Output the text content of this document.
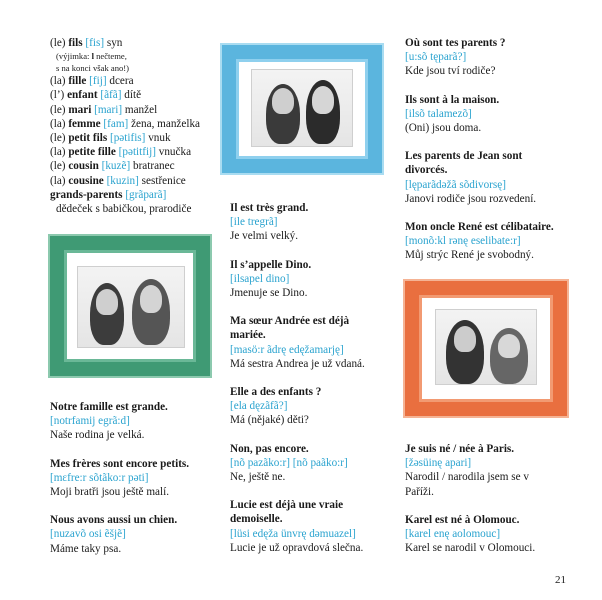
(le) fils [fis] syn
(výjimka: l nečteme,
s na konci však ano!)
(la) fille [fij] dcera
(l’) enfant [ãfã] dítě
(le) mari [mari] manžel
(la) femme [fam] žena, manželka
(le) petit fils [pətifis] vnuk
(la) petite fille [pətitfij] vnučka
(le) cousin [kuzẽ] bratranec
(la) cousine [kuzin] sestřenice
grands-parents [grãparã]
dědeček s babičkou, prarodiče
Notre famille est grande.
[notrfamij egrã:d]
Naše rodina je velká.
Mes frères sont encore petits.
[mɛfre:r sõtãko:r pəti]
Moji bratři jsou ještě malí.
Nous avons aussi un chien.
[nuzavõ osi ẽšjẽ]
Máme taky psa.
Il est très grand.
[ile tregrã]
Je velmi velký.
Il s’appelle Dino.
[ilsapel dino]
Jmenuje se Dino.
Ma sœur Andrée est déjà mariée.
[masö:r ãdrę edęžamarję]
Má sestra Andrea je už vdaná.
Elle a des enfants ?
[ela dęzãfã?]
Má (nějaké) děti?
Non, pas encore.
[nõ pazãko:r] [nõ paãko:r]
Ne, ještě ne.
Lucie est déjà une vraie demoiselle.
[lüsi edęža ünvrę dəmuazel]
Lucie je už opravdová slečna.
Où sont tes parents ?
[u:sõ tęparã?]
Kde jsou tví rodiče?
Ils sont à la maison.
[ilsõ talamezõ]
(Oni) jsou doma.
Les parents de Jean sont divorcés.
[lęparãdəžã sõdivorsę]
Janovi rodiče jsou rozvedení.
Mon oncle René est célibataire.
[monõ:kl rənę eselibate:r]
Můj strýc René je svobodný.
Je suis né / née à Paris.
[žəsüinę apari]
Narodil / narodila jsem se v Paříži.
Karel est né à Olomouc.
[karel enę aolomouc]
Karel se narodil v Olomouci.
21
